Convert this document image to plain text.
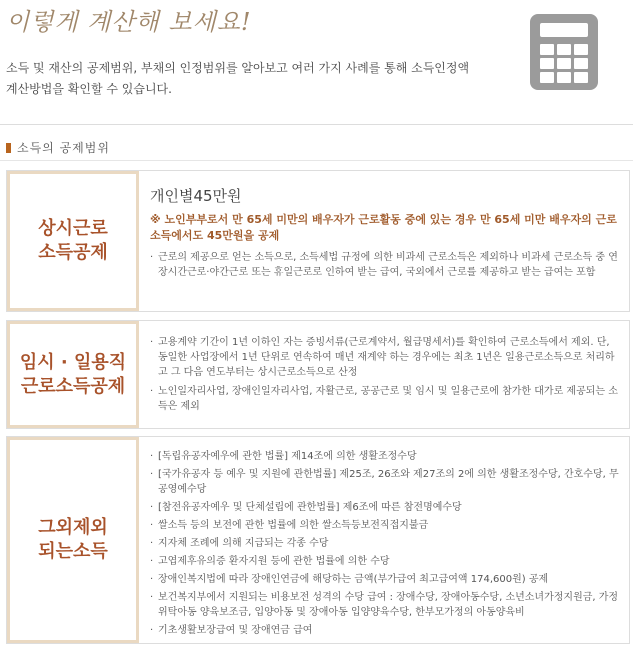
이렇게 계산해 보세요!
소득 및 재산의 공제범위, 부채의 인정범위를 알아보고 여러 가지 사례를 통해 소득인정액
계산방법을 확인할 수 있습니다.
소득의 공제범위
상시근로
소득공제
개인별45만원

※ 노인부부로서 만 65세 미만의 배우자가 근로활동 중에 있는 경우 만 65세 미만 배우자의 근로소득에서도 45만원을 공제

· 근로의 제공으로 얻는 소득으로, 소득세법 규정에 의한 비과세 근로소득은 제외하나 비과세 근로소득 중 연장시간근로·야간근로 또는 휴일근로로 인하여 받는 급여, 국외에서 근로를 제공하고 받는 급여는 포함
임시 · 일용직
근로소득공제
· 고용계약 기간이 1년 이하인 자는 증빙서류(근로계약서, 월급명세서)를 확인하여 근로소득에서 제외. 단, 동일한 사업장에서 1년 단위로 연속하여 매년 재계약 하는 경우에는 최초 1년은 일용근로소득으로 처리하고 그 다음 연도부터는 상시근로소득으로 산정
· 노인일자리사업, 장애인일자리사업, 자활근로, 공공근로 및 임시 및 일용근로에 참가한 대가로 제공되는 소득은 제외
그외제외
되는소득
· [독립유공자예우에 관한 법률] 제14조에 의한 생활조정수당
· [국가유공자 등 예우 및 지원에 관한법률] 제25조, 26조와 제27조의 2에 의한 생활조정수당, 간호수당, 무공영예수당
· [참전유공자예우 및 단체설립에 관한법률] 제6조에 따른 참전명예수당
· 쌀소득 등의 보전에 관한 법률에 의한 쌀소득등보전직접지불금
· 지자체 조례에 의해 지급되는 각종 수당
· 고엽제후유의증 환자지원 등에 관한 법률에 의한 수당
· 장애인복지법에 따라 장애인연금에 해당하는 금액(부가급여 최고급여액 174,600원) 공제
· 보건복지부에서 지원되는 비용보전 성격의 수당 급여 : 장애수당, 장애아동수당, 소년소녀가정지원금, 가정위탁아동 양육보조금, 입양아동 및 장애아동 입양양육수당, 한부모가정의 아동양육비
· 기초생활보장급여 및 장애연금 급여
